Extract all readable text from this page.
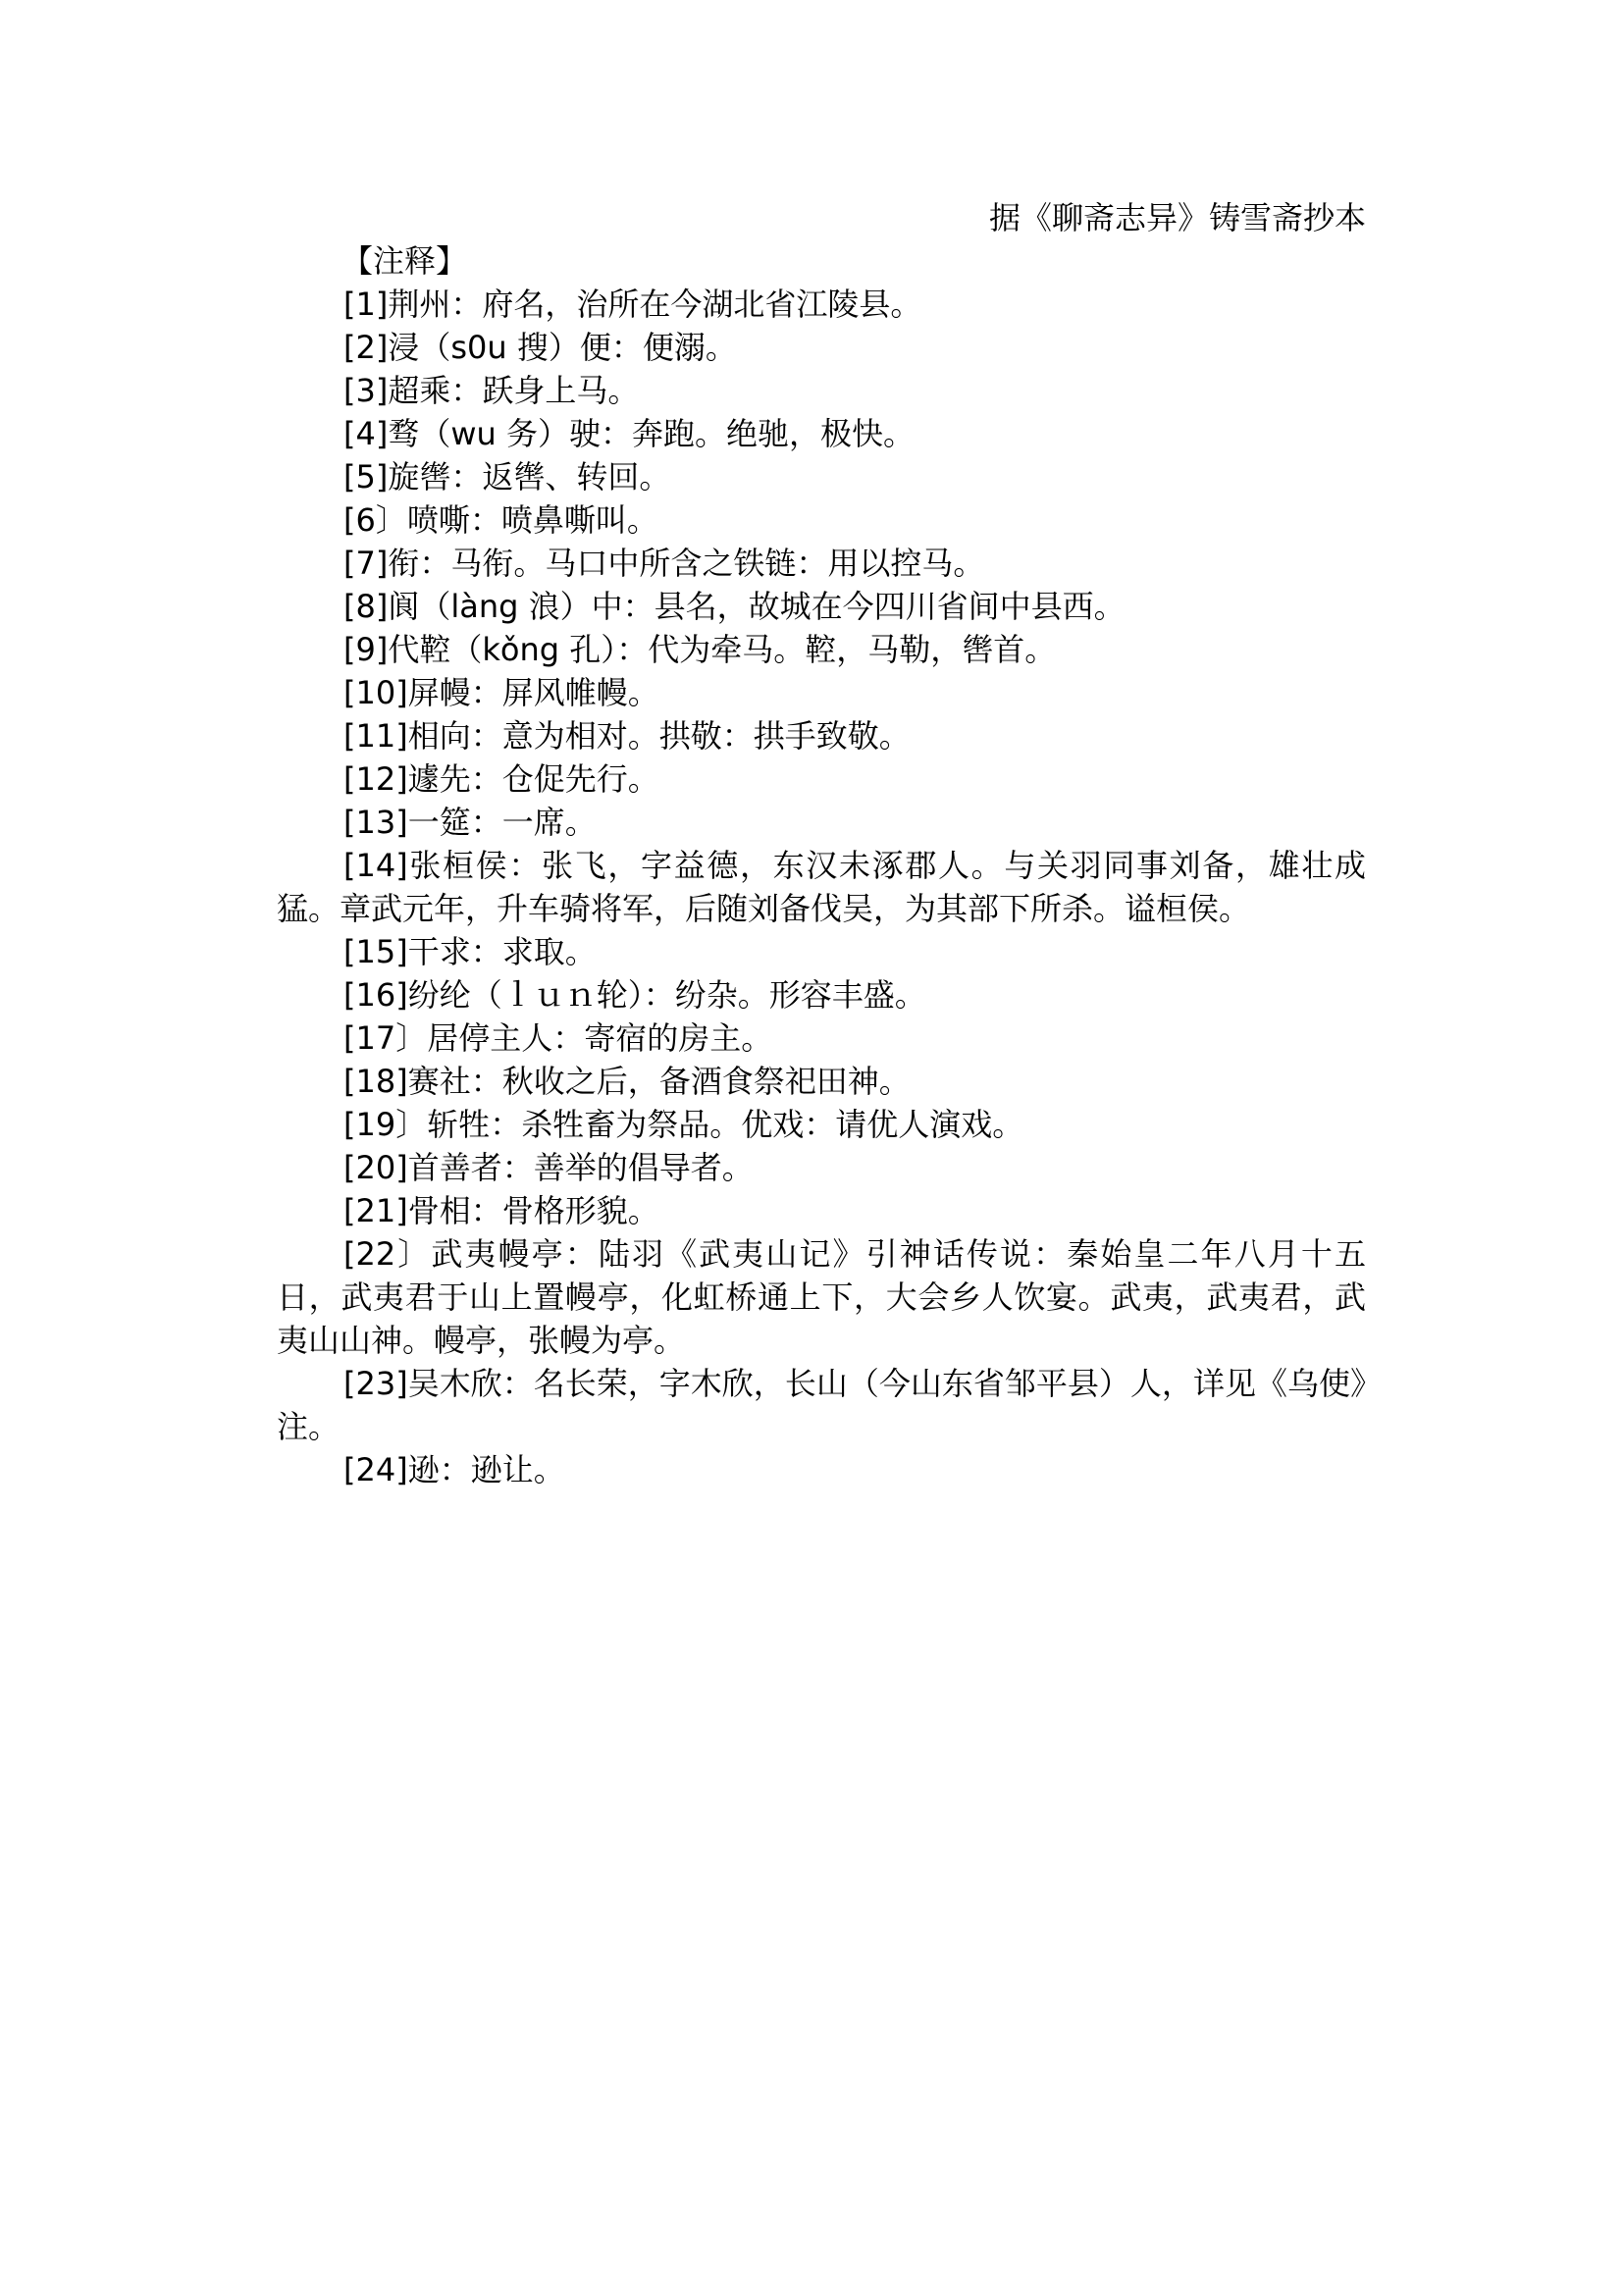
据《聊斋志异》铸雪斋抄本
【注释】
[1]荆州：府名，治所在今湖北省江陵县。
[2]浸（s0u 搜）便：便溺。
[3]超乘：跃身上马。
[4]骛（wu 务）驶：奔跑。绝驰，极快。
[5]旋辔：返辔、转回。
[6〕喷嘶：喷鼻嘶叫。
[7]衔：马衔。马口中所含之铁链：用以控马。
[8]阆（làng 浪）中：县名，故城在今四川省间中县西。
[9]代鞚（kǒng 孔）：代为牵马。鞚，马勒，辔首。
[10]屏幔：屏风帷幔。
[11]相向：意为相对。拱敬：拱手致敬。
[12]遽先：仓促先行。
[13]一筵：一席。
[14]张桓侯：张飞，字益德，东汉未涿郡人。与关羽同事刘备，雄壮成猛。章武元年，升车骑将军，后随刘备伐吴，为其部下所杀。谥桓侯。
[15]干求：求取。
[16]纷纶（ｌｕｎ轮）：纷杂。形容丰盛。
[17〕居停主人：寄宿的房主。
[18]赛社：秋收之后，备酒食祭祀田神。
[19〕斩牲：杀牲畜为祭品。优戏：请优人演戏。
[20]首善者：善举的倡导者。
[21]骨相：骨格形貌。
[22〕武夷幔亭：陆羽《武夷山记》引神话传说：秦始皇二年八月十五日，武夷君于山上置幔亭，化虹桥通上下，大会乡人饮宴。武夷，武夷君，武夷山山神。幔亭，张幔为亭。
[23]吴木欣：名长荣，字木欣，长山（今山东省邹平县）人，详见《乌使》注。
[24]逊：逊让。
